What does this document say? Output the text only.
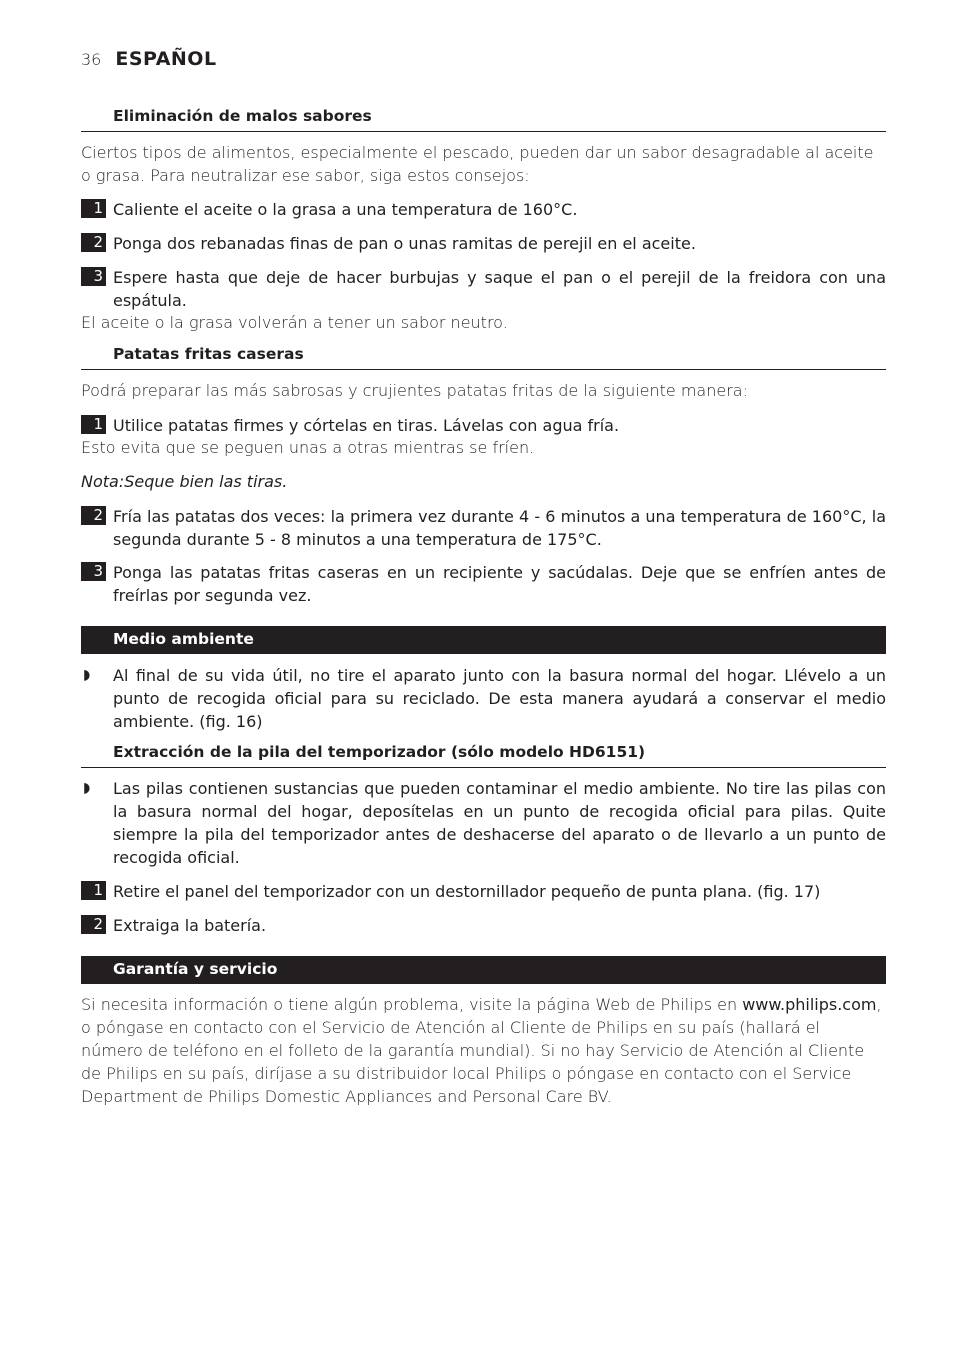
36 ESPAÑOL
Eliminación de malos sabores
Ciertos tipos de alimentos, especialmente el pescado, pueden dar un sabor desagradable al aceite o grasa. Para neutralizar ese sabor, siga estos consejos:
1 Caliente el aceite o la grasa a una temperatura de 160°C.
2 Ponga dos rebanadas finas de pan o unas ramitas de perejil en el aceite.
3 Espere hasta que deje de hacer burbujas y saque el pan o el perejil de la freidora con una espátula.
El aceite o la grasa volverán a tener un sabor neutro.
Patatas fritas caseras
Podrá preparar las más sabrosas y crujientes patatas fritas de la siguiente manera:
1 Utilice patatas firmes y córtelas en tiras. Lávelas con agua fría.
Esto evita que se peguen unas a otras mientras se fríen.
Nota:Seque bien las tiras.
2 Fría las patatas dos veces: la primera vez durante 4 - 6 minutos a una temperatura de 160°C, la segunda durante 5 - 8 minutos a una temperatura de 175°C.
3 Ponga las patatas fritas caseras en un recipiente y sacúdalas. Deje que se enfríen antes de freírlas por segunda vez.
Medio ambiente
◗ Al final de su vida útil, no tire el aparato junto con la basura normal del hogar. Llévelo a un punto de recogida oficial para su reciclado. De esta manera ayudará a conservar el medio ambiente. (fig. 16)
Extracción de la pila del temporizador (sólo modelo HD6151)
◗ Las pilas contienen sustancias que pueden contaminar el medio ambiente. No tire las pilas con la basura normal del hogar, deposítelas en un punto de recogida oficial para pilas. Quite siempre la pila del temporizador antes de deshacerse del aparato o de llevarlo a un punto de recogida oficial.
1 Retire el panel del temporizador con un destornillador pequeño de punta plana. (fig. 17)
2 Extraiga la batería.
Garantía y servicio
Si necesita información o tiene algún problema, visite la página Web de Philips en www.philips.com, o póngase en contacto con el Servicio de Atención al Cliente de Philips en su país (hallará el número de teléfono en el folleto de la garantía mundial). Si no hay Servicio de Atención al Cliente de Philips en su país, diríjase a su distribuidor local Philips o póngase en contacto con el Service Department de Philips Domestic Appliances and Personal Care BV.
